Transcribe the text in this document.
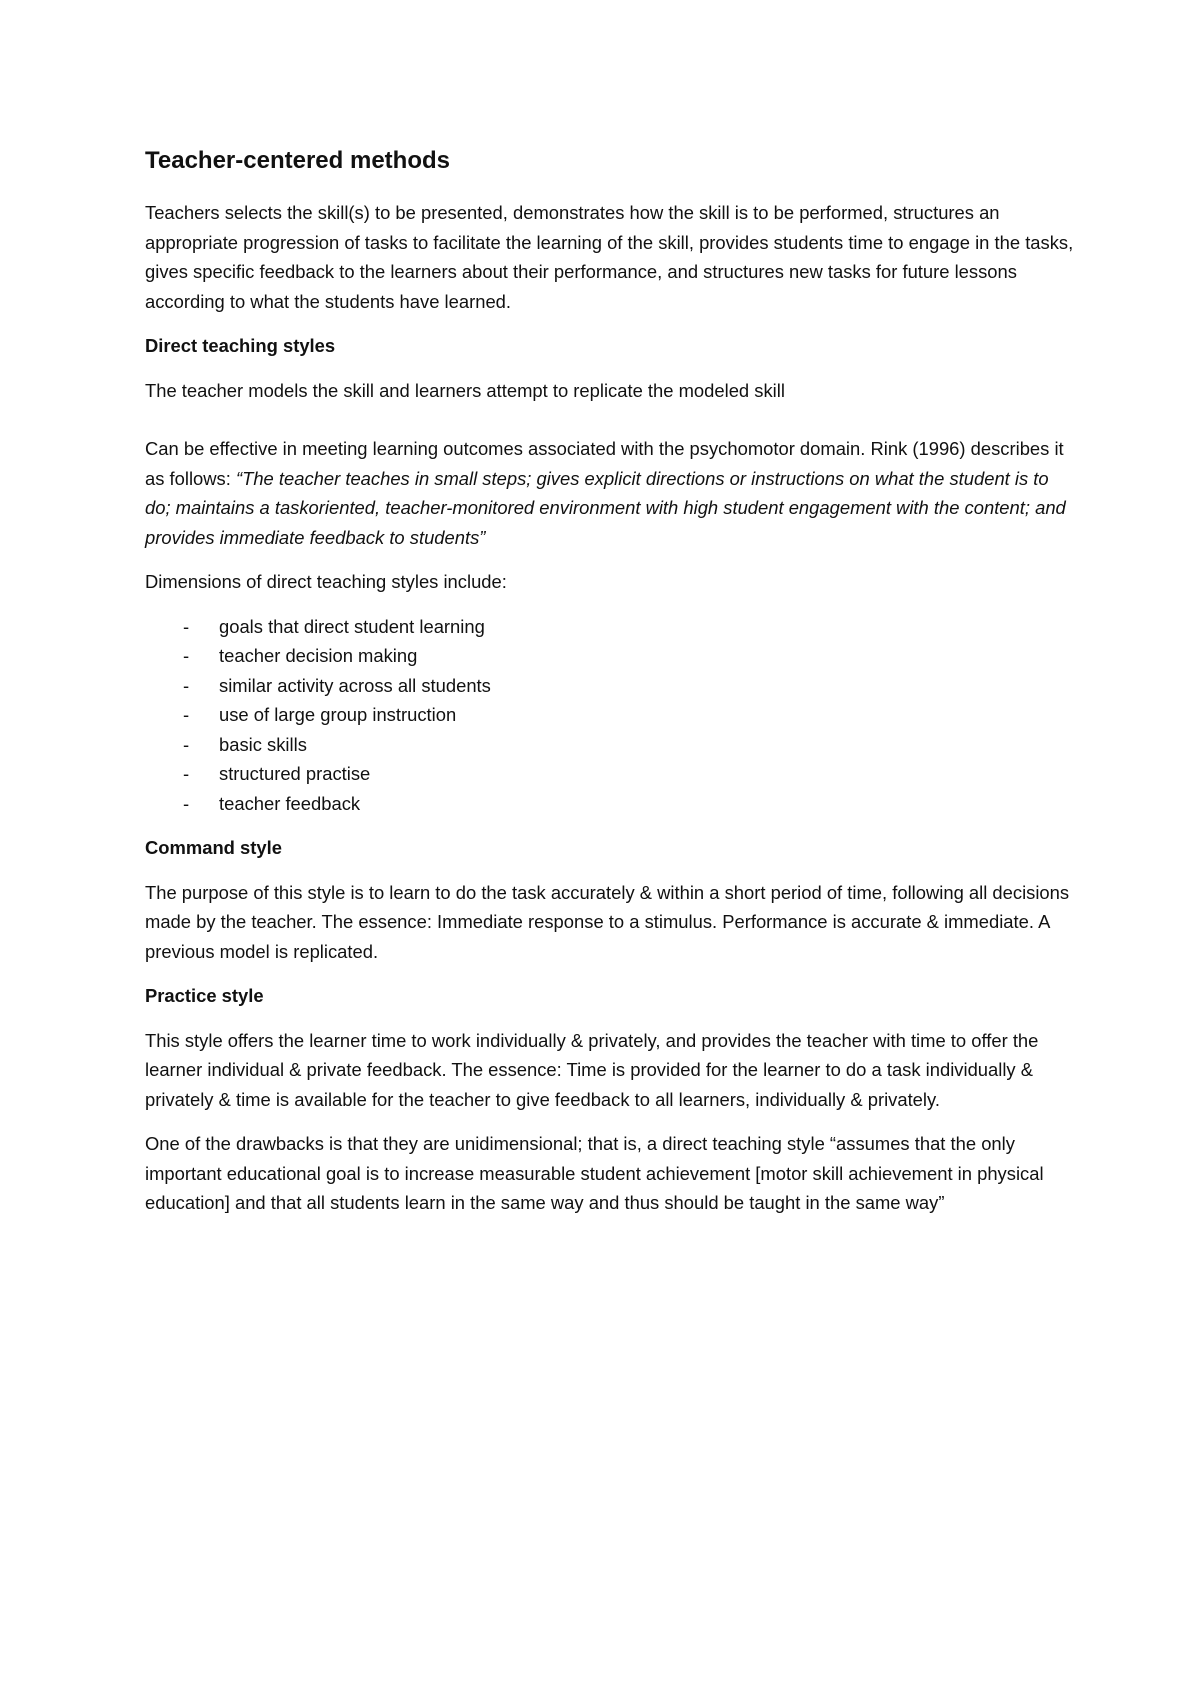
Teacher-centered methods

Teachers selects the skill(s) to be presented, demonstrates how the skill is to be performed, structures an appropriate progression of tasks to facilitate the learning of the skill, provides students time to engage in the tasks, gives specific feedback to the learners about their performance, and structures new tasks for future lessons according to what the students have learned.

Direct teaching styles

The teacher models the skill and learners attempt to replicate the modeled skill

Can be effective in meeting learning outcomes associated with the psychomotor domain. Rink (1996) describes it as follows: “The teacher teaches in small steps; gives explicit directions or instructions on what the student is to do; maintains a taskoriented, teacher-monitored environment with high student engagement with the content; and provides immediate feedback to students”

Dimensions of direct teaching styles include:

- goals that direct student learning
- teacher decision making
- similar activity across all students
- use of large group instruction
- basic skills
- structured practise
- teacher feedback
Command style

The purpose of this style is to learn to do the task accurately & within a short period of time, following all decisions made by the teacher. The essence: Immediate response to a stimulus. Performance is accurate & immediate. A previous model is replicated.

Practice style

This style offers the learner time to work individually & privately, and provides the teacher with time to offer the learner individual & private feedback. The essence: Time is provided for the learner to do a task individually & privately & time is available for the teacher to give feedback to all learners, individually & privately.

One of the drawbacks is that they are unidimensional; that is, a direct teaching style “assumes that the only important educational goal is to increase measurable student achievement [motor skill achievement in physical education] and that all students learn in the same way and thus should be taught in the same way”
